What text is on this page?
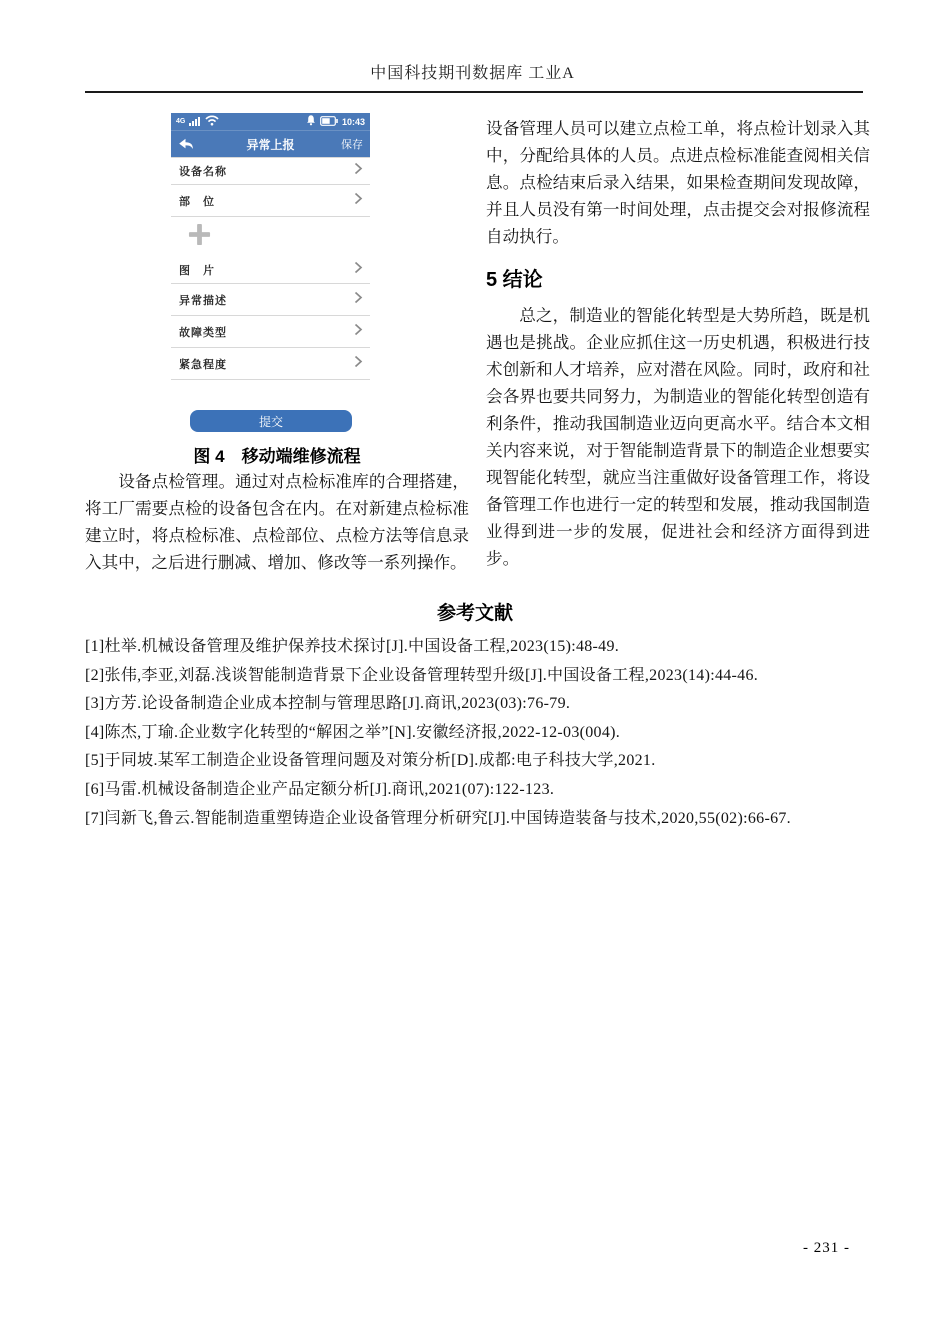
中国科技期刊数据库 工业A
4G	10:43
异常上报	保存
设备名称
部　位
图　片
异常描述
故障类型
紧急程度
提交
图 4　移动端维修流程

设备点检管理。通过对点检标准库的合理搭建，将工厂需要点检的设备包含在内。在对新建点检标准建立时，将点检标准、点检部位、点检方法等信息录入其中，之后进行删减、增加、修改等一系列操作。

设备管理人员可以建立点检工单，将点检计划录入其中，分配给具体的人员。点进点检标准能查阅相关信息。点检结束后录入结果，如果检查期间发现故障，并且人员没有第一时间处理，点击提交会对报修流程自动执行。

5 结论

总之，制造业的智能化转型是大势所趋，既是机遇也是挑战。企业应抓住这一历史机遇，积极进行技术创新和人才培养，应对潜在风险。同时，政府和社会各界也要共同努力，为制造业的智能化转型创造有利条件，推动我国制造业迈向更高水平。结合本文相关内容来说，对于智能制造背景下的制造企业想要实现智能化转型，就应当注重做好设备管理工作，将设备管理工作也进行一定的转型和发展，推动我国制造业得到进一步的发展，促进社会和经济方面得到进步。

参考文献
[1]杜举.机械设备管理及维护保养技术探讨[J].中国设备工程,2023(15):48-49.
[2]张伟,李亚,刘磊.浅谈智能制造背景下企业设备管理转型升级[J].中国设备工程,2023(14):44-46.
[3]方芳.论设备制造企业成本控制与管理思路[J].商讯,2023(03):76-79.
[4]陈杰,丁瑜.企业数字化转型的“解困之举”[N].安徽经济报,2022-12-03(004).
[5]于同坡.某军工制造企业设备管理问题及对策分析[D].成都:电子科技大学,2021.
[6]马雷.机械设备制造企业产品定额分析[J].商讯,2021(07):122-123.
[7]闫新飞,鲁云.智能制造重塑铸造企业设备管理分析研究[J].中国铸造装备与技术,2020,55(02):66-67.
- 231 -
